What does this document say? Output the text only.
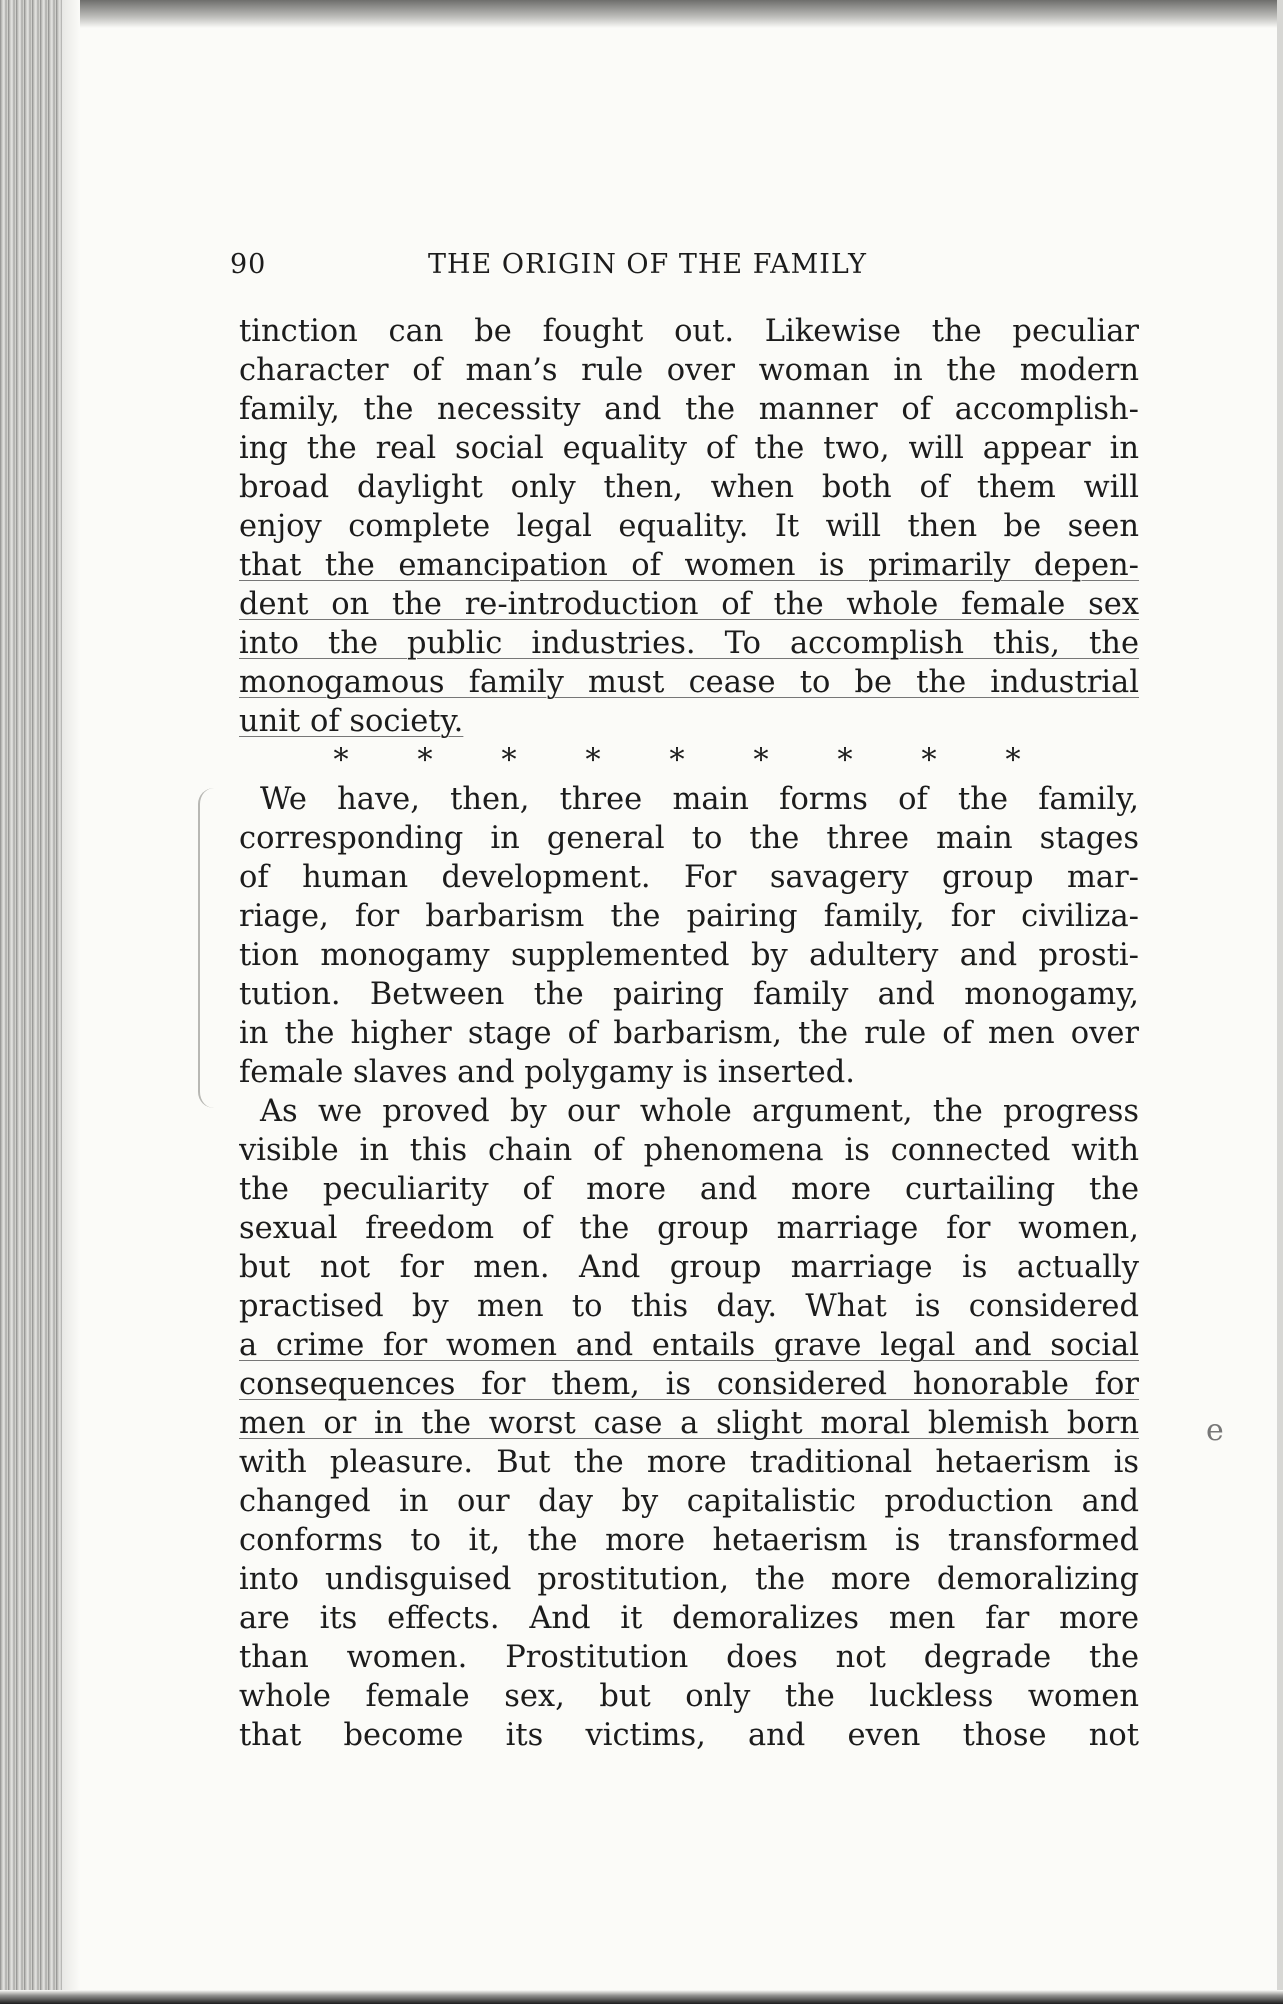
90	THE ORIGIN OF THE FAMILY
e
tinction can be fought out. Likewise the peculiar
character of man’s rule over woman in the modern
family, the necessity and the manner of accomplish-
ing the real social equality of the two, will appear in
broad daylight only then, when both of them will
enjoy complete legal equality. It will then be seen
that the emancipation of women is primarily depen-
dent on the re-introduction of the whole female sex
into the public industries. To accomplish this, the
monogamous family must cease to be the industrial
unit of society.
* * * * * * * * *
We have, then, three main forms of the family,
corresponding in general to the three main stages
of human development. For savagery group mar-
riage, for barbarism the pairing family, for civiliza-
tion monogamy supplemented by adultery and prosti-
tution. Between the pairing family and monogamy,
in the higher stage of barbarism, the rule of men over
female slaves and polygamy is inserted.
As we proved by our whole argument, the progress
visible in this chain of phenomena is connected with
the peculiarity of more and more curtailing the
sexual freedom of the group marriage for women,
but not for men. And group marriage is actually
practised by men to this day. What is considered
a crime for women and entails grave legal and social
consequences for them, is considered honorable for
men or in the worst case a slight moral blemish born
with pleasure. But the more traditional hetaerism is
changed in our day by capitalistic production and
conforms to it, the more hetaerism is transformed
into undisguised prostitution, the more demoralizing
are its effects. And it demoralizes men far more
than women. Prostitution does not degrade the
whole female sex, but only the luckless women
that become its victims, and even those not
